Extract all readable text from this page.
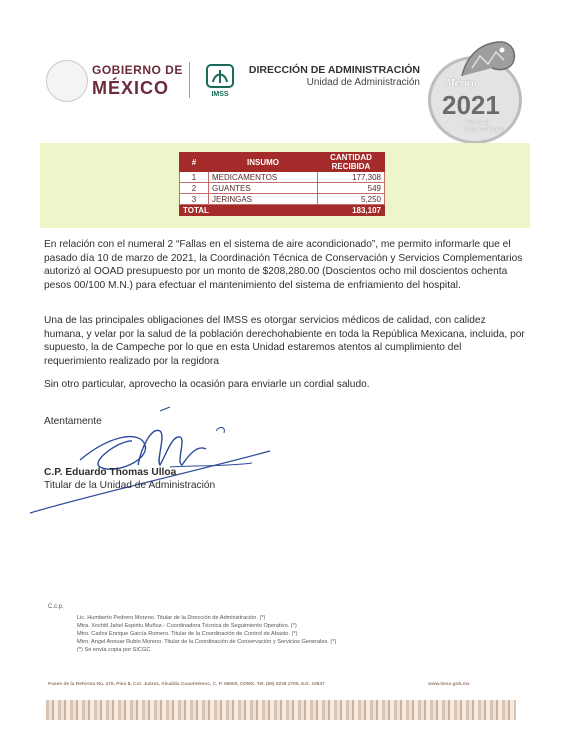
GOBIERNO DE
MÉXICO	IMSS
DIRECCIÓN DE ADMINISTRACIÓN
Unidad de Administración	México
2021
Año de la Independencia
#	INSUMO	CANTIDAD RECIBIDA
1	MEDICAMENTOS	177,308
2	GUANTES	549
3	JERINGAS	5,250
TOTAL		183,107
En relación con el numeral 2 “Fallas en el sistema de aire acondicionado”, me permito informarle que el pasado día 10 de marzo de 2021, la Coordinación Técnica de Conservación y Servicios Complementarios autorizó al OOAD presupuesto por un monto de $208,280.00 (Doscientos ocho mil doscientos ochenta pesos 00/100 M.N.) para efectuar el mantenimiento del sistema de enfriamiento del hospital.
Una de las principales obligaciones del IMSS es otorgar servicios médicos de calidad, con calidez humana, y velar por la salud de la población derechohabiente en toda la República Mexicana, incluida, por supuesto, la de Campeche por lo que en esta Unidad estaremos atentos al cumplimiento del requerimiento realizado por la regidora
Sin otro particular, aprovecho la ocasión para enviarle un cordial saludo.
Atentamente
C.P. Eduardo Thomas Ulloa
Titular de la Unidad de Administración
C.c.p.
Lic. Humberto Pedrero Moreno. Titular de la Dirección de Administración. (*)
Mtra. Xochitl Jahel Espiritu Muñoz.- Coordinadora Técnica de Seguimiento Operativo. (*)
Mtro. Carlos Enrique García Romero. Titular de la Coordinación de Control de Abasto. (*)
Mtro. Angel Annuar Rubio Moreno. Titular de la Coordinación de Conservación y Servicios Generales. (*)
(*) Se envía copia por SICGC
Paseo de la Reforma No. 476, Piso 8, Col. Juárez, Alcaldía Cuauhtémoc, C. P. 06600, CDMX. Tel. (55) 5238 2700, Ext. 10837	www.imss.gob.mx
